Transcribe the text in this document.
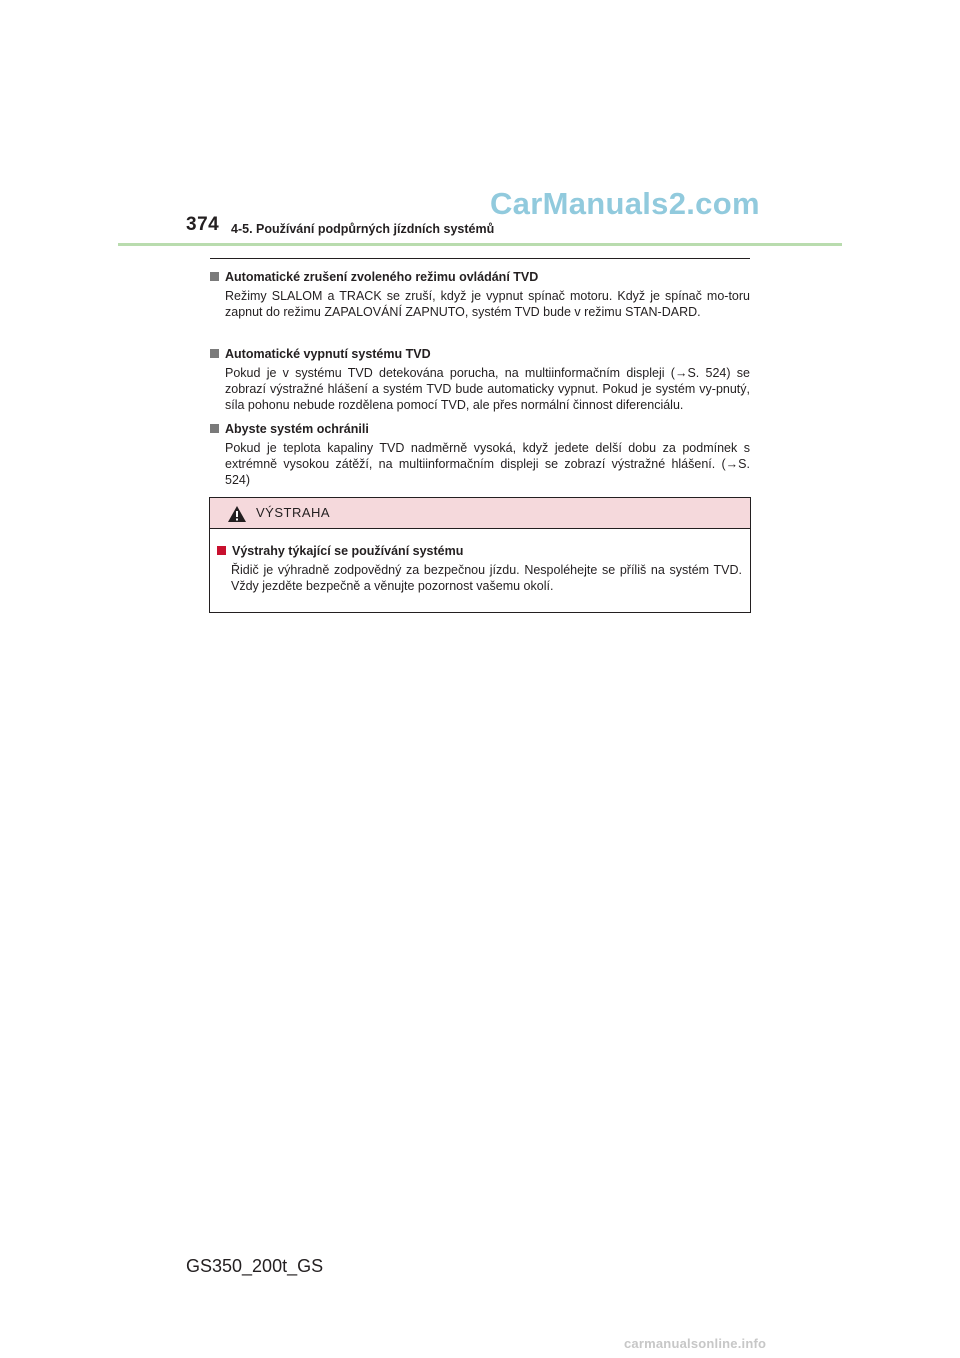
CarManuals2.com
374 4-5. Používání podpůrných jízdních systémů
Automatické zrušení zvoleného režimu ovládání TVD
Režimy SLALOM a TRACK se zruší, když je vypnut spínač motoru. Když je spínač mo-toru zapnut do režimu ZAPALOVÁNÍ ZAPNUTO, systém TVD bude v režimu STAN-DARD.
Automatické vypnutí systému TVD
Pokud je v systému TVD detekována porucha, na multiinformačním displeji (→S. 524) se zobrazí výstražné hlášení a systém TVD bude automaticky vypnut. Pokud je systém vy-pnutý, síla pohonu nebude rozdělena pomocí TVD, ale přes normální činnost diferenciálu.
Abyste systém ochránili
Pokud je teplota kapaliny TVD nadměrně vysoká, když jedete delší dobu za podmínek s extrémně vysokou zátěží, na multiinformačním displeji se zobrazí výstražné hlášení. (→S. 524)
VÝSTRAHA
Výstrahy týkající se používání systému
Řidič je výhradně zodpovědný za bezpečnou jízdu. Nespoléhejte se příliš na systém TVD. Vždy jezděte bezpečně a věnujte pozornost vašemu okolí.
GS350_200t_GS
carmanualsonline.info
